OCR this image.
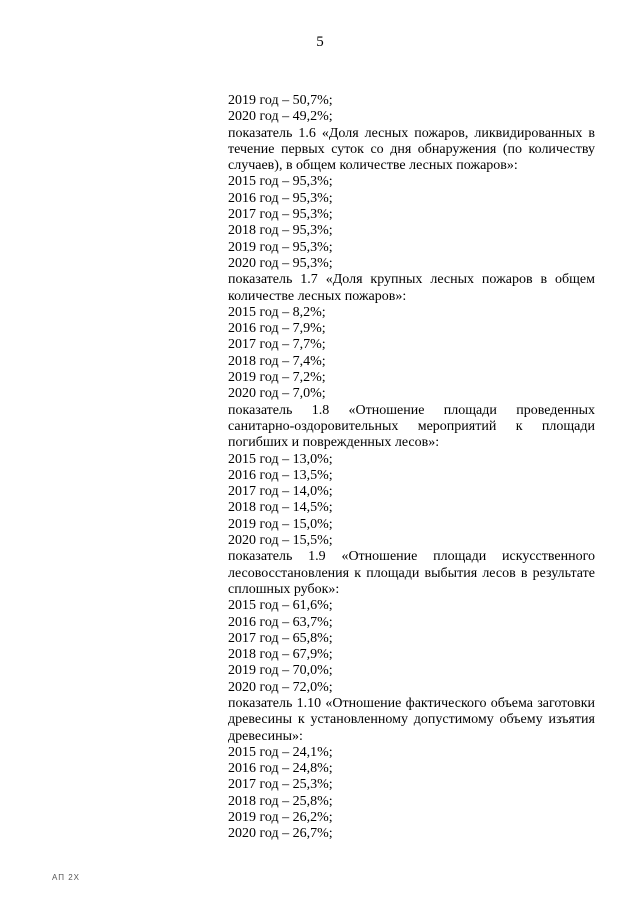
5
2019 год – 50,7%;
2020 год – 49,2%;
показатель 1.6 «Доля лесных пожаров, ликвидированных в течение первых суток со дня обнаружения (по количеству случаев), в общем количестве лесных пожаров»:
2015 год – 95,3%;
2016 год – 95,3%;
2017 год – 95,3%;
2018 год – 95,3%;
2019 год – 95,3%;
2020 год – 95,3%;
показатель 1.7 «Доля крупных лесных пожаров в общем количестве лесных пожаров»:
2015 год – 8,2%;
2016 год – 7,9%;
2017 год – 7,7%;
2018 год – 7,4%;
2019 год – 7,2%;
2020 год – 7,0%;
показатель 1.8 «Отношение площади проведенных санитарно-оздоровительных мероприятий к площади погибших и поврежденных лесов»:
2015 год – 13,0%;
2016 год – 13,5%;
2017 год – 14,0%;
2018 год – 14,5%;
2019 год – 15,0%;
2020 год – 15,5%;
показатель 1.9 «Отношение площади искусственного лесовосстановления к площади выбытия лесов в результате сплошных рубок»:
2015 год – 61,6%;
2016 год – 63,7%;
2017 год – 65,8%;
2018 год – 67,9%;
2019 год – 70,0%;
2020 год – 72,0%;
показатель 1.10 «Отношение фактического объема заготовки древесины к установленному допустимому объему изъятия древесины»:
2015 год – 24,1%;
2016 год – 24,8%;
2017 год – 25,3%;
2018 год – 25,8%;
2019 год – 26,2%;
2020 год – 26,7%;
АП 2Х
